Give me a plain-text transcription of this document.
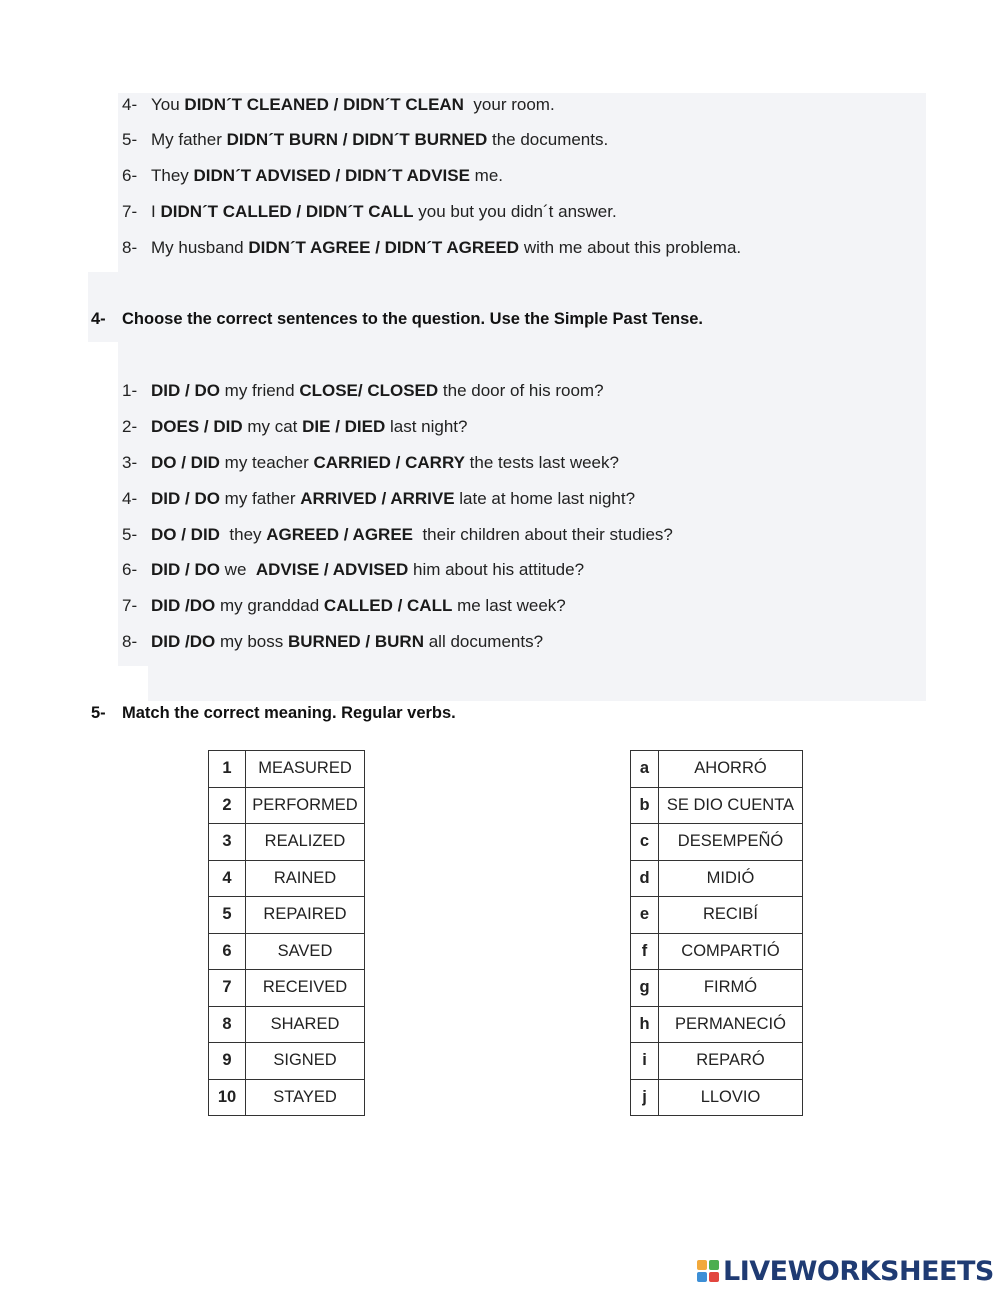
4- You DIDN´T CLEANED / DIDN´T CLEAN  your room.
5- My father DIDN´T BURN / DIDN´T BURNED the documents.
6- They DIDN´T ADVISED / DIDN´T ADVISE me.
7- I DIDN´T CALLED / DIDN´T CALL you but you didn´t answer.
8- My husband DIDN´T AGREE / DIDN´T AGREED with me about this problema.
4- Choose the correct sentences to the question. Use the Simple Past Tense.
1- DID / DO my friend CLOSE/ CLOSED the door of his room?
2- DOES / DID my cat DIE / DIED last night?
3- DO / DID my teacher CARRIED / CARRY the tests last week?
4- DID / DO my father ARRIVED / ARRIVE late at home last night?
5- DO / DID  they AGREED / AGREE  their children about their studies?
6- DID / DO we  ADVISE / ADVISED him about his attitude?
7- DID /DO my granddad CALLED / CALL me last week?
8- DID /DO my boss BURNED / BURN all documents?
5- Match the correct meaning. Regular verbs.
1	MEASURED
2	PERFORMED
3	REALIZED
4	RAINED
5	REPAIRED
6	SAVED
7	RECEIVED
8	SHARED
9	SIGNED
10	STAYED
a	AHORRÓ
b	SE DIO CUENTA
c	DESEMPEÑÓ
d	MIDIÓ
e	RECIBÍ
f	COMPARTIÓ
g	FIRMÓ
h	PERMANECIÓ
i	REPARÓ
j	LLOVIO
LIVEWORKSHEETS
